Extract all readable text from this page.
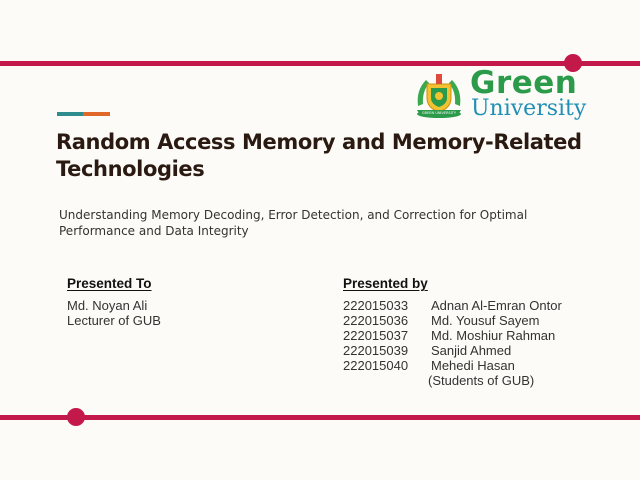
GREEN UNIVERSITY
Green
University
Random Access Memory and Memory-Related Technologies

Understanding Memory Decoding, Error Detection, and Correction for Optimal Performance and Data Integrity

Presented To
Md. Noyan Ali
Lecturer of GUB
Presented by
222015033	Adnan Al-Emran Ontor
222015036	Md. Yousuf Sayem
222015037	Md. Moshiur Rahman
222015039	Sanjid Ahmed
222015040	Mehedi Hasan
(Students of GUB)
